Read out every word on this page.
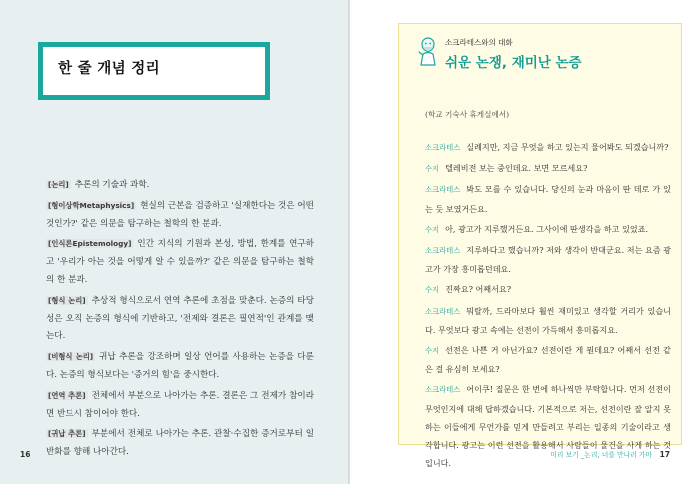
한 줄 개념 정리

[논리] 추론의 기술과 과학.

[형이상학Metaphysics] 현실의 근본을 검증하고 '실재한다는 것은 어떤 것인가?' 같은 의문을 탐구하는 철학의 한 분과.

[인식론Epistemology] 인간 지식의 기원과 본성, 방법, 한계를 연구하고 '우리가 아는 것을 어떻게 알 수 있을까?' 같은 의문을 탐구하는 철학의 한 분과.

[형식 논리] 추상적 형식으로서 연역 추론에 초점을 맞춘다. 논증의 타당성은 오직 논증의 형식에 기반하고, '전제와 결론은 필연적'인 관계를 맺는다.

[비형식 논리] 귀납 추론을 강조하며 일상 언어를 사용하는 논증을 다룬다. 논증의 형식보다는 '증거의 힘'을 중시한다.

[연역 추론] 전체에서 부분으로 나아가는 추론. 결론은 그 전제가 참이라면 반드시 참이어야 한다.

[귀납 추론] 부분에서 전체로 나아가는 추론. 관찰·수집한 증거로부터 일반화를 향해 나아간다.

16
소크라테스와의 대화
쉬운 논쟁, 재미난 논증
(학교 기숙사 휴게실에서)

소크라테스 실례지만, 지금 무엇을 하고 있는지 물어봐도 되겠습니까?

수지 텔레비전 보는 중인데요. 보면 모르세요?

소크라테스 봐도 모를 수 있습니다. 당신의 눈과 마음이 딴 데로 가 있는 듯 보였거든요.

수지 아, 광고가 지루했거든요. 그사이에 딴생각을 하고 있었죠.

소크라테스 지루하다고 했습니까? 저와 생각이 반대군요. 저는 요즘 광고가 가장 흥미롭던데요.

수지 진짜요? 어째서요?

소크라테스 뭐랄까, 드라마보다 훨씬 재미있고 생각할 거리가 있습니다. 무엇보다 광고 속에는 선전이 가득해서 흥미롭지요.

수지 선전은 나쁜 거 아닌가요? 선전이란 게 뭔데요? 어째서 선전 같은 걸 유심히 보세요?

소크라테스 어이쿠! 질문은 한 번에 하나씩만 부탁합니다. 먼저 선전이 무엇인지에 대해 답하겠습니다. 기본적으로 저는, 선전이란 잘 알지 못하는 이들에게 무언가를 믿게 만들려고 부리는 일종의 기술이라고 생각합니다. 광고는 이런 선전을 활용해서 사람들이 물건을 사게 하는 것입니다.

미리 보기 _논리, 너를 만나러 가마 17
